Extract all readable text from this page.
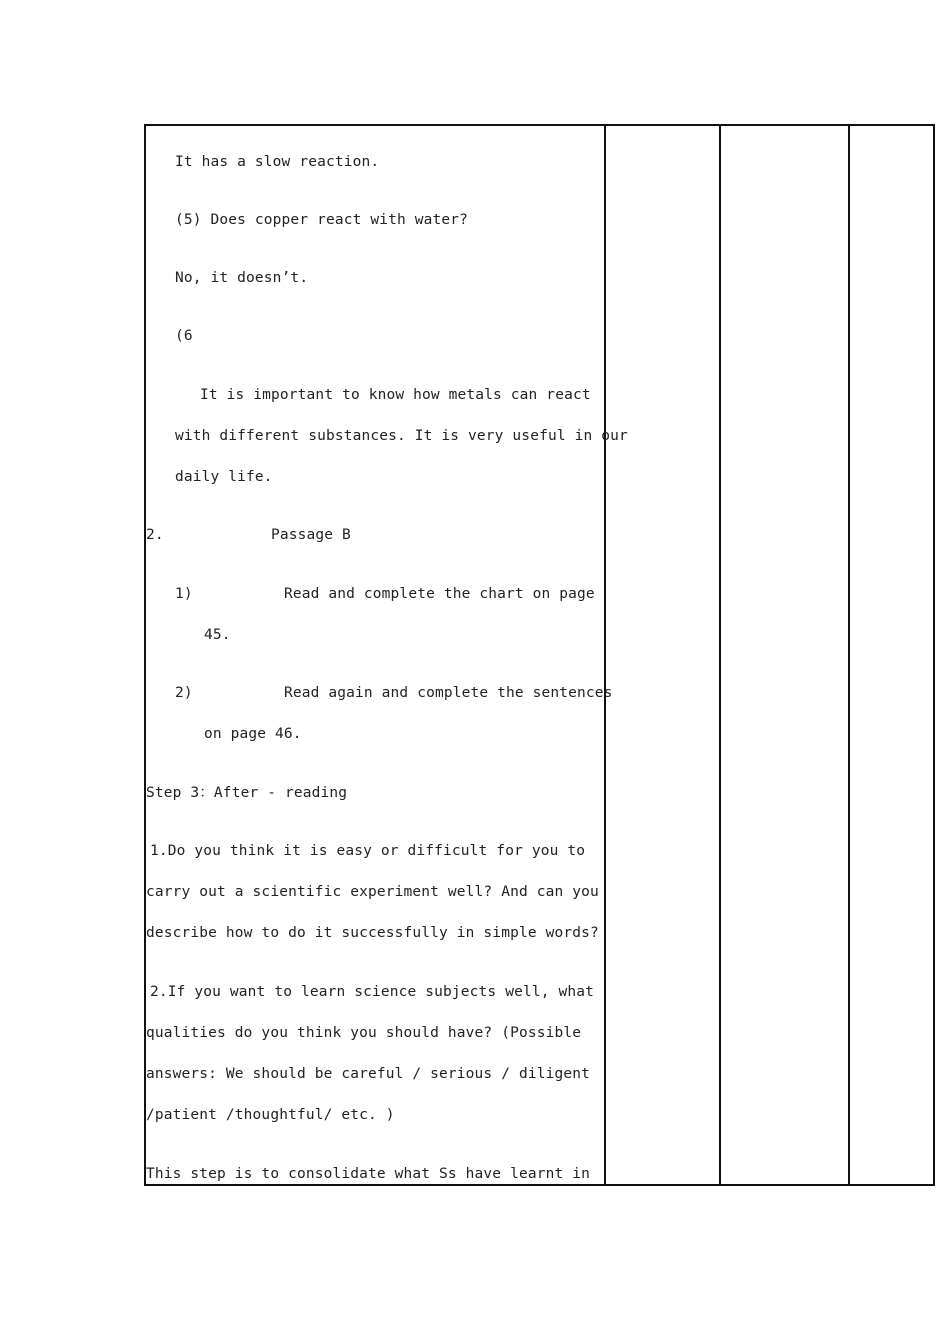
It has a slow reaction.
(5) Does copper react with water?
No, it doesn’t.
(6
It is important to know how metals can react
with different substances. It is very useful in our
daily life.
2.	Passage B
1)	Read and complete the chart on page
45.
2)	Read again and complete the sentences
on page 46.
Step 3：After - reading
1.Do you think it is easy or difficult for you to
carry out a scientific experiment well? And can you
describe how to do it successfully in simple words?
2.If you want to learn science subjects well, what
qualities do you think you should have? (Possible
answers: We should be careful / serious / diligent
/patient /thoughtful/ etc. )
This step is to consolidate what Ss have learnt in
